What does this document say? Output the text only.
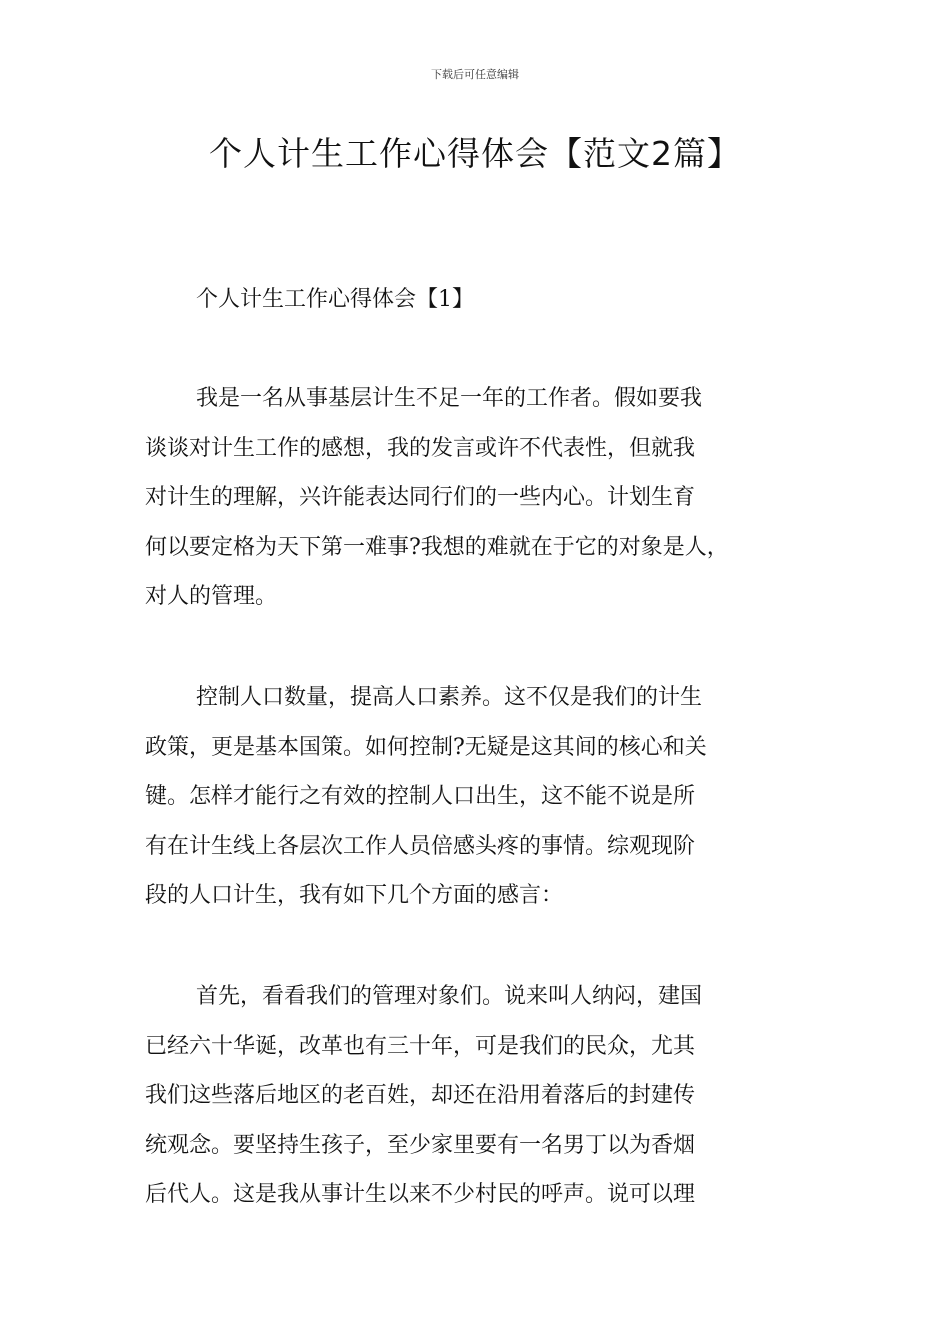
下载后可任意编辑
个人计生工作心得体会【范文2篇】
个人计生工作心得体会【1】
我是一名从事基层计生不足一年的工作者。假如要我
谈谈对计生工作的感想，我的发言或许不代表性，但就我
对计生的理解，兴许能表达同行们的一些内心。计划生育
何以要定格为天下第一难事?我想的难就在于它的对象是人，
对人的管理。
控制人口数量，提高人口素养。这不仅是我们的计生
政策，更是基本国策。如何控制?无疑是这其间的核心和关
键。怎样才能行之有效的控制人口出生，这不能不说是所
有在计生线上各层次工作人员倍感头疼的事情。综观现阶
段的人口计生，我有如下几个方面的感言：
首先，看看我们的管理对象们。说来叫人纳闷，建国
已经六十华诞，改革也有三十年，可是我们的民众，尤其
我们这些落后地区的老百姓，却还在沿用着落后的封建传
统观念。要坚持生孩子，至少家里要有一名男丁以为香烟
后代人。这是我从事计生以来不少村民的呼声。说可以理
